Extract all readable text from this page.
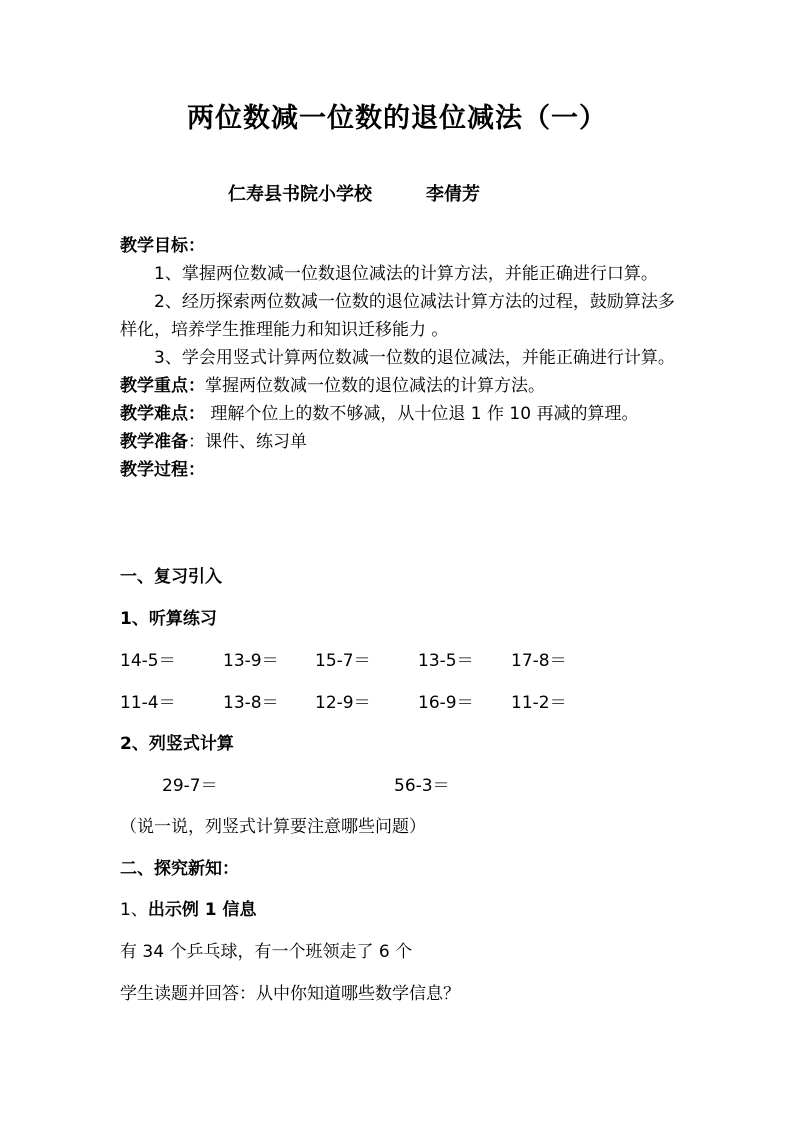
两位数减一位数的退位减法（一）
仁寿县书院小学校	李倩芳

教学目标：

1、掌握两位数减一位数退位减法的计算方法，并能正确进行口算。

2、经历探索两位数减一位数的退位减法计算方法的过程，鼓励算法多样化，培养学生推理能力和知识迁移能力 。

3、学会用竖式计算两位数减一位数的退位减法，并能正确进行计算。

教学重点：掌握两位数减一位数的退位减法的计算方法。

教学难点： 理解个位上的数不够减，从十位退 1 作 10 再减的算理。

教学准备：课件、练习单

教学过程：

一、复习引入
1、听算练习
14-5＝	13-9＝ 15-7＝	13-5＝ 17-8＝
11-4＝	13-8＝ 12-9＝	16-9＝ 11-2＝
2、列竖式计算
29-7＝	56-3＝
（说一说，列竖式计算要注意哪些问题）
二、探究新知：
1、出示例 1 信息
有 34 个乒乓球，有一个班领走了 6 个
学生读题并回答：从中你知道哪些数学信息？
